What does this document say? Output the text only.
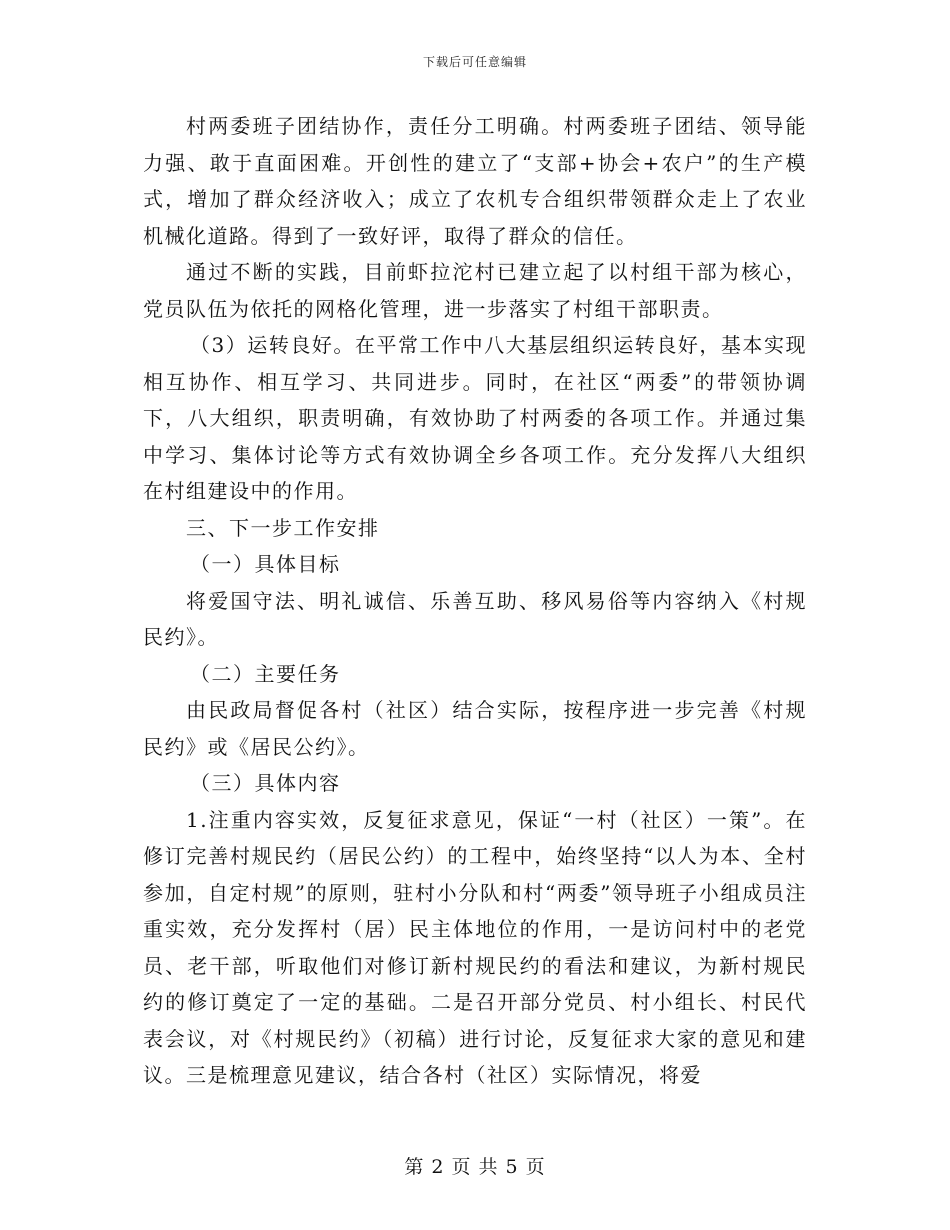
下载后可任意编辑

村两委班子团结协作，责任分工明确。村两委班子团结、领导能力强、敢于直面困难。开创性的建立了“支部+协会+农户”的生产模式，增加了群众经济收入；成立了农机专合组织带领群众走上了农业机械化道路。得到了一致好评，取得了群众的信任。

通过不断的实践，目前虾拉沱村已建立起了以村组干部为核心，党员队伍为依托的网格化管理，进一步落实了村组干部职责。

（3）运转良好。在平常工作中八大基层组织运转良好，基本实现相互协作、相互学习、共同进步。同时，在社区“两委”的带领协调下，八大组织，职责明确，有效协助了村两委的各项工作。并通过集中学习、集体讨论等方式有效协调全乡各项工作。充分发挥八大组织在村组建设中的作用。

三、下一步工作安排

（一）具体目标

将爱国守法、明礼诚信、乐善互助、移风易俗等内容纳入《村规民约》。

（二）主要任务

由民政局督促各村（社区）结合实际，按程序进一步完善《村规民约》或《居民公约》。

（三）具体内容

1.注重内容实效，反复征求意见，保证“一村（社区）一策”。在修订完善村规民约（居民公约）的工程中，始终坚持“以人为本、全村参加，自定村规”的原则，驻村小分队和村“两委”领导班子小组成员注重实效，充分发挥村（居）民主体地位的作用，一是访问村中的老党员、老干部，听取他们对修订新村规民约的看法和建议，为新村规民约的修订奠定了一定的基础。二是召开部分党员、村小组长、村民代表会议，对《村规民约》（初稿）进行讨论，反复征求大家的意见和建议。三是梳理意见建议，结合各村（社区）实际情况，将爱

第 2 页 共 5 页
